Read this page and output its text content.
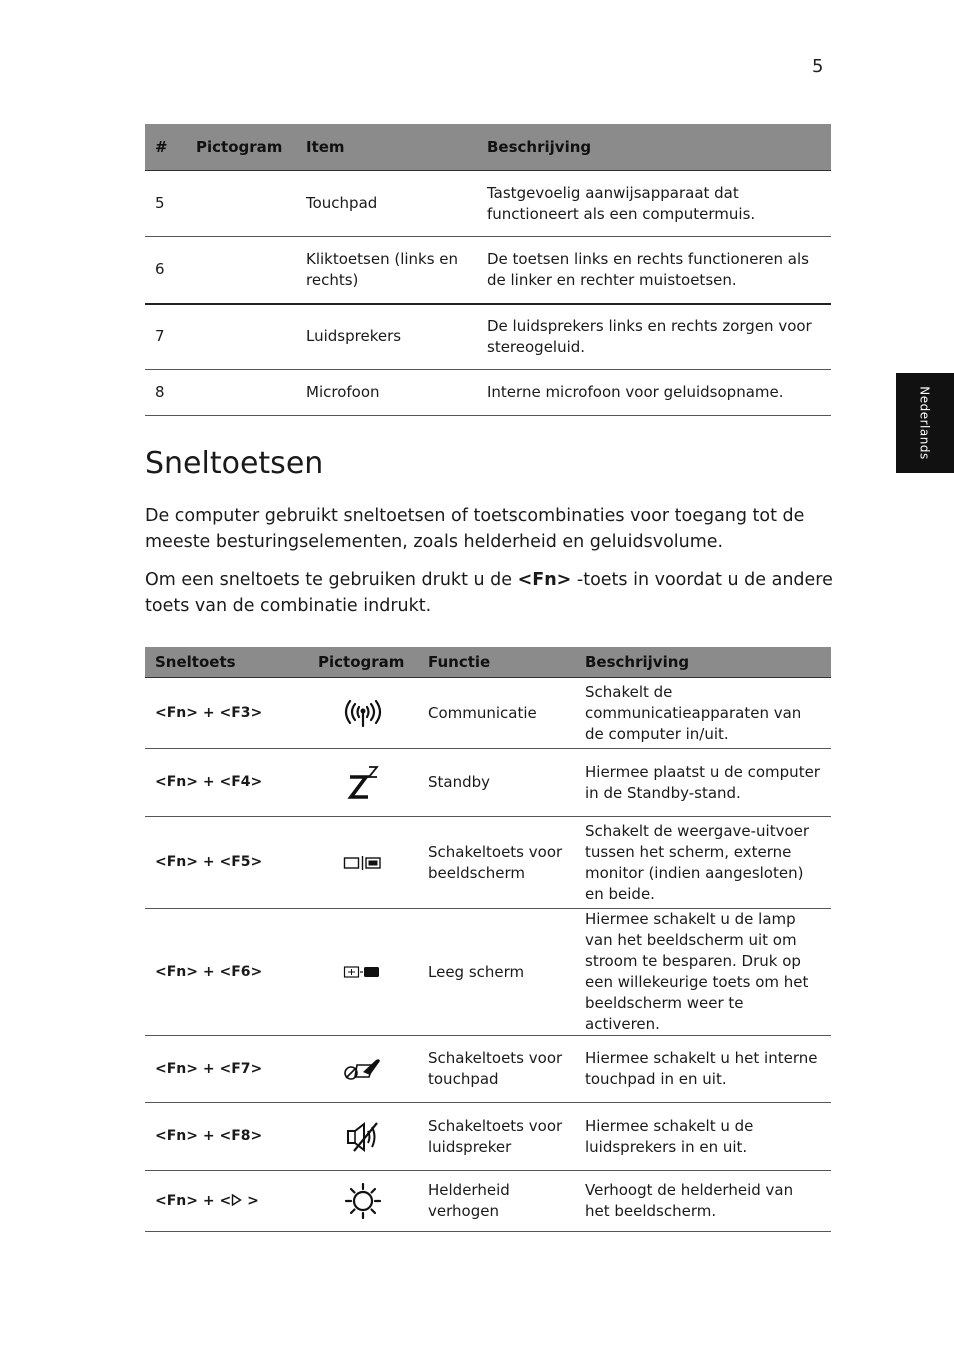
5
Nederlands
#	Pictogram	Item	Beschrijving
5		Touchpad	Tastgevoelig aanwijsapparaat dat functioneert als een computermuis.
6		Kliktoetsen (links en rechts)	De toetsen links en rechts functioneren als de linker en rechter muistoetsen.
7		Luidsprekers	De luidsprekers links en rechts zorgen voor stereogeluid.
8		Microfoon	Interne microfoon voor geluidsopname.
Sneltoetsen

De computer gebruikt sneltoetsen of toetscombinaties voor toegang tot de meeste besturingselementen, zoals helderheid en geluidsvolume.

Om een sneltoets te gebruiken drukt u de <Fn> -toets in voordat u de andere toets van de combinatie indrukt.

Sneltoets	Pictogram	Functie	Beschrijving
<Fn> + <F3>		Communicatie	Schakelt de communicatieapparaten van de computer in/uit.
<Fn> + <F4>		Standby	Hiermee plaatst u de computer in de Standby-stand.
<Fn> + <F5>		Schakeltoets voor beeldscherm	Schakelt de weergave-uitvoer tussen het scherm, externe monitor (indien aangesloten) en beide.
<Fn> + <F6>		Leeg scherm	Hiermee schakelt u de lamp van het beeldscherm uit om stroom te besparen. Druk op een willekeurige toets om het beeldscherm weer te activeren.
<Fn> + <F7>		Schakeltoets voor touchpad	Hiermee schakelt u het interne touchpad in en uit.
<Fn> + <F8>		Schakeltoets voor luidspreker	Hiermee schakelt u de luidsprekers in en uit.
<Fn> + < >		Helderheid verhogen	Verhoogt de helderheid van het beeldscherm.
